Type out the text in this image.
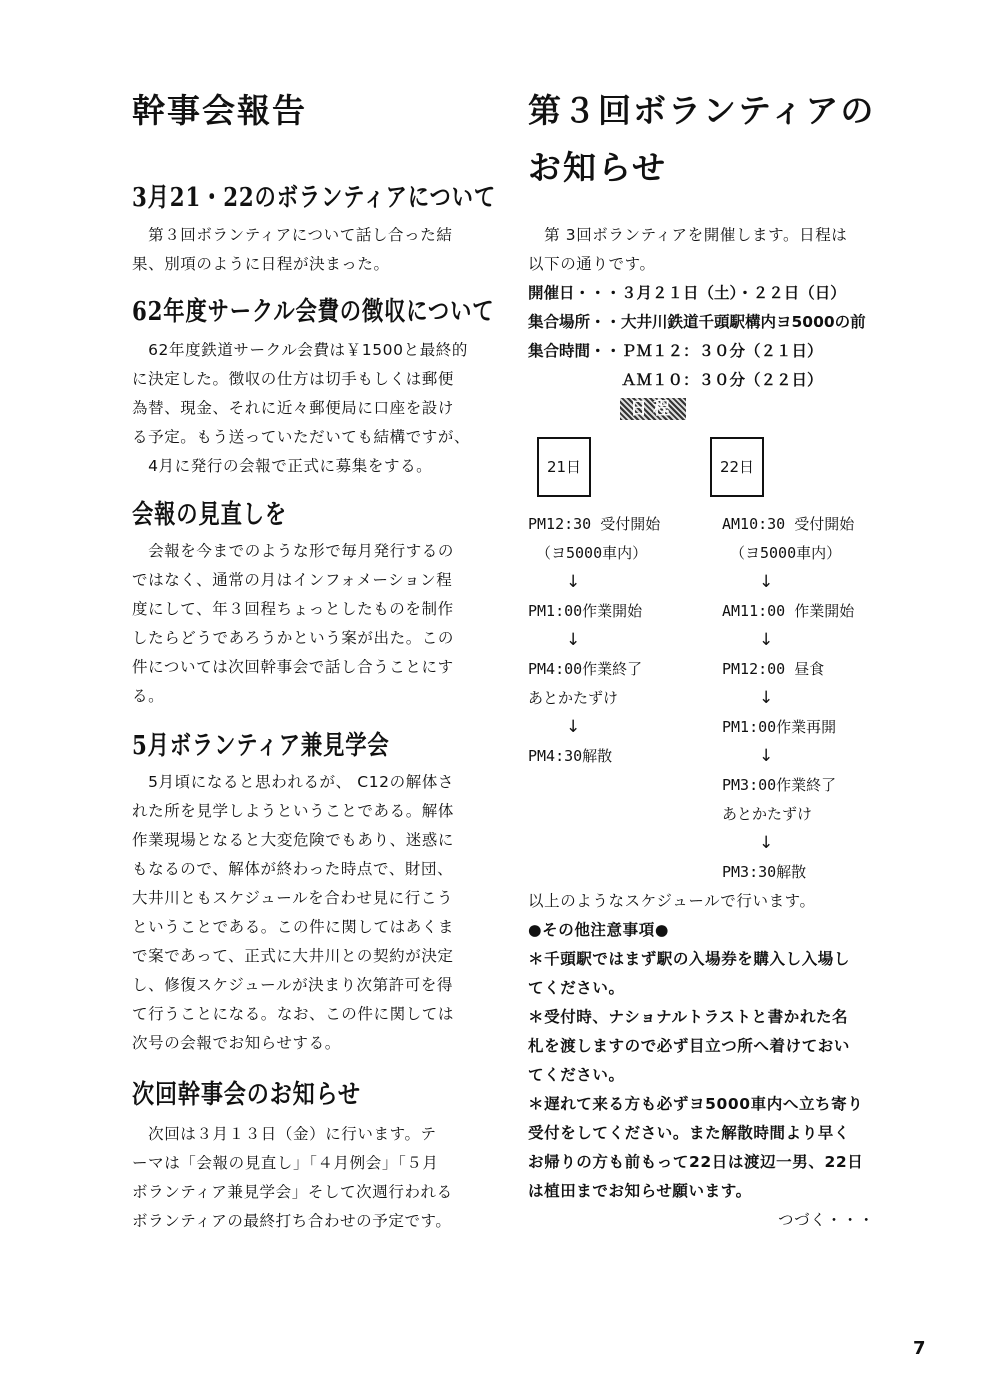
幹事会報告
3月21・22のボランティアについて

　第３回ボランティアについて話し合った結
果、別項のように日程が決まった。

62年度サークル会費の徴収について

　62年度鉄道サークル会費は￥1500と最終的
に決定した。徴収の仕方は切手もしくは郵便
為替、現金、それに近々郵便局に口座を設け
る予定。もう送っていただいても結構ですが、
　4月に発行の会報で正式に募集をする。

会報の見直しを

　会報を今までのような形で毎月発行するの
ではなく、通常の月はインフォメーション程
度にして、年３回程ちょっとしたものを制作
したらどうであろうかという案が出た。この
件については次回幹事会で話し合うことにす
る。

5月ボランティア兼見学会

　5月頃になると思われるが、 C12の解体さ
れた所を見学しようということである。解体
作業現場となると大変危険でもあり、迷惑に
もなるので、解体が終わった時点で、財団、
大井川ともスケジュールを合わせ見に行こう
ということである。この件に関してはあくま
で案であって、正式に大井川との契約が決定
し、修復スケジュールが決まり次第許可を得
て行うことになる。なお、この件に関しては
次号の会報でお知らせする。

次回幹事会のお知らせ

　次回は３月１３日（金）に行います。テ
ーマは「会報の見直し」「４月例会」「５月
ボランティア兼見学会」そして次週行われる
ボランティアの最終打ち合わせの予定です。

第３回ボランティアの
お知らせ

　第 3回ボランティアを開催します。日程は
以下の通りです。

開催日・・・３月２１日（土）・２２日（日）
集合場所・・大井川鉄道千頭駅構内ヨ5000の前
集合時間・・ＰＭ１２：３０分（２１日）
　　　　　　ＡＭ１０：３０分（２２日）
日程
21日
PM12:30 受付開始
（ヨ5000車内）
↓
PM1:00作業開始
↓
PM4:00作業終了
あとかたずけ
↓
PM4:30解散
22日
AM10:30 受付開始
（ヨ5000車内）
↓
AM11:00 作業開始
↓
PM12:00 昼食
↓
PM1:00作業再開
↓
PM3:00作業終了
あとかたずけ
↓
PM3:30解散
以上のようなスケジュールで行います。
●その他注意事項●
＊千頭駅ではまず駅の入場券を購入し入場し
てください。
＊受付時、ナショナルトラストと書かれた名
札を渡しますので必ず目立つ所へ着けておい
てください。
＊遅れて来る方も必ずヨ5000車内へ立ち寄り
受付をしてください。また解散時間より早く
お帰りの方も前もって22日は渡辺一男、22日
は植田までお知らせ願います。
つづく・・・
7
